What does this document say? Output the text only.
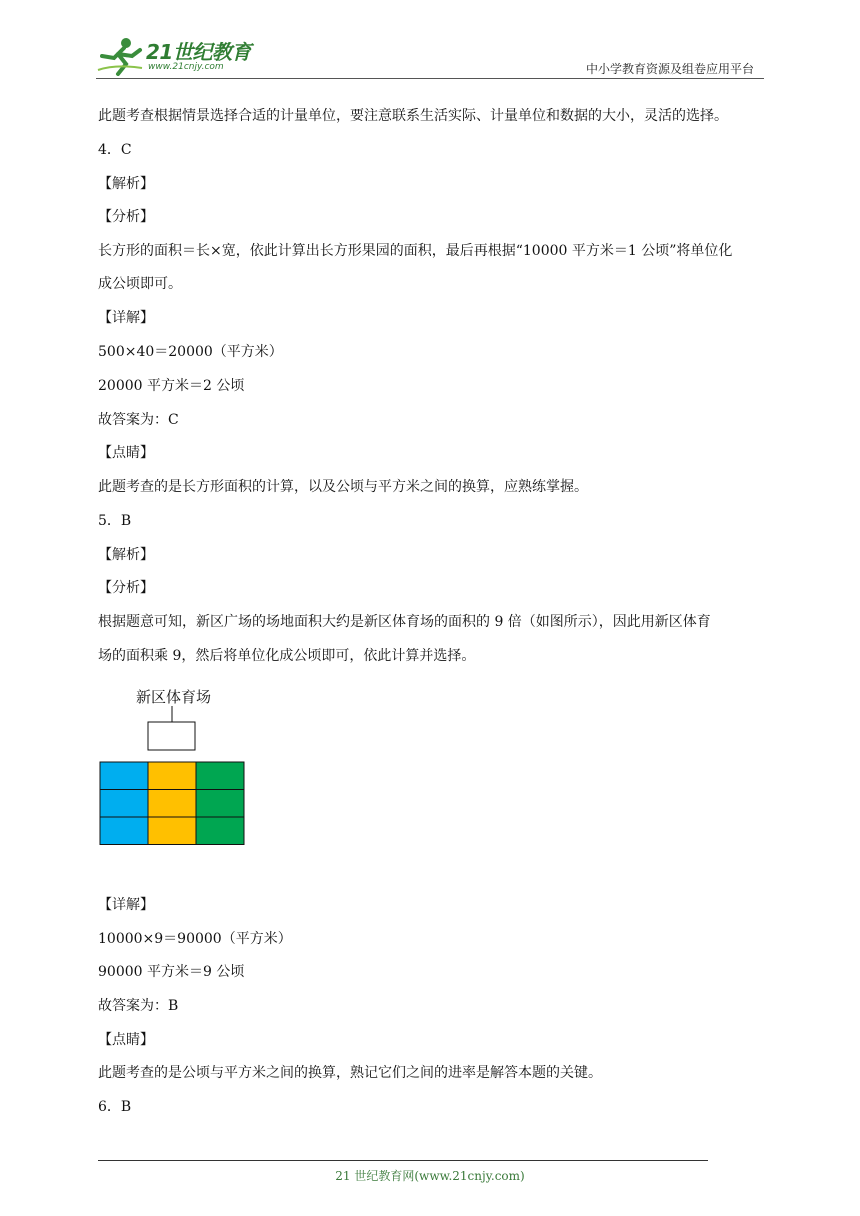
21世纪教育
www.21cnjy.com	中小学教育资源及组卷应用平台
此题考查根据情景选择合适的计量单位，要注意联系生活实际、计量单位和数据的大小，灵活的选择。
4．C
【解析】
【分析】
长方形的面积＝长×宽，依此计算出长方形果园的面积，最后再根据“10000 平方米＝1 公顷”将单位化
成公顷即可。
【详解】
500×40＝20000（平方米）
20000 平方米＝2 公顷
故答案为：C
【点睛】
此题考查的是长方形面积的计算，以及公顷与平方米之间的换算，应熟练掌握。
5．B
【解析】
【分析】
根据题意可知，新区广场的场地面积大约是新区体育场的面积的 9 倍（如图所示），因此用新区体育
场的面积乘 9，然后将单位化成公顷即可，依此计算并选择。
新区体育场
【详解】
10000×9＝90000（平方米）
90000 平方米＝9 公顷
故答案为：B
【点睛】
此题考查的是公顷与平方米之间的换算，熟记它们之间的进率是解答本题的关键。
6．B
21 世纪教育网(www.21cnjy.com)
